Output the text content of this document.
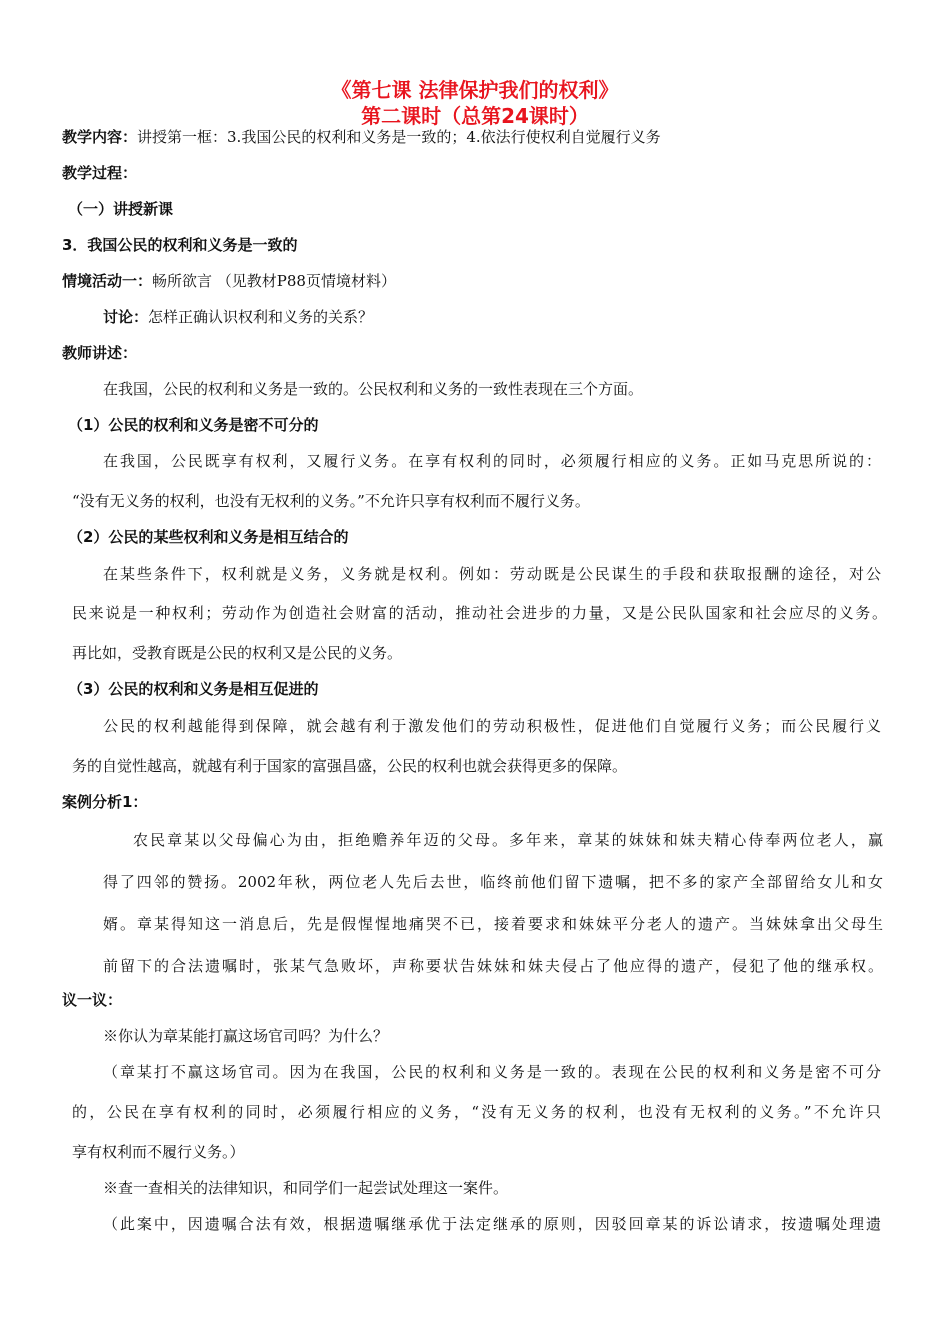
《第七课 法律保护我们的权利》
第二课时（总第24课时）
教学内容：讲授第一框：3.我国公民的权利和义务是一致的；4.依法行使权利自觉履行义务
教学过程：
（一）讲授新课
3．我国公民的权利和义务是一致的
情境活动一：畅所欲言 （见教材P88页情境材料）
讨论：怎样正确认识权利和义务的关系？
教师讲述：
在我国，公民的权利和义务是一致的。公民权利和义务的一致性表现在三个方面。
（1）公民的权利和义务是密不可分的
在我国，公民既享有权利，又履行义务。在享有权利的同时，必须履行相应的义务。正如马克思所说的：
“没有无义务的权利，也没有无权利的义务。”不允许只享有权利而不履行义务。
（2）公民的某些权利和义务是相互结合的
在某些条件下，权利就是义务，义务就是权利。例如：劳动既是公民谋生的手段和获取报酬的途径，对公
民来说是一种权利；劳动作为创造社会财富的活动，推动社会进步的力量，又是公民队国家和社会应尽的义务。
再比如，受教育既是公民的权利又是公民的义务。
（3）公民的权利和义务是相互促进的
公民的权利越能得到保障，就会越有利于激发他们的劳动积极性，促进他们自觉履行义务；而公民履行义
务的自觉性越高，就越有利于国家的富强昌盛，公民的权利也就会获得更多的保障。
案例分析1：
农民章某以父母偏心为由，拒绝赡养年迈的父母。多年来，章某的妹妹和妹夫精心侍奉两位老人，赢
得了四邻的赞扬。2002年秋，两位老人先后去世，临终前他们留下遗嘱，把不多的家产全部留给女儿和女
婿。章某得知这一消息后，先是假惺惺地痛哭不已，接着要求和妹妹平分老人的遗产。当妹妹拿出父母生
前留下的合法遗嘱时，张某气急败坏，声称要状告妹妹和妹夫侵占了他应得的遗产，侵犯了他的继承权。
议一议：
※你认为章某能打赢这场官司吗？为什么？
（章某打不赢这场官司。因为在我国，公民的权利和义务是一致的。表现在公民的权利和义务是密不可分
的，公民在享有权利的同时，必须履行相应的义务，“没有无义务的权利，也没有无权利的义务。”不允许只
享有权利而不履行义务。）
※查一查相关的法律知识，和同学们一起尝试处理这一案件。
（此案中，因遗嘱合法有效，根据遗嘱继承优于法定继承的原则，因驳回章某的诉讼请求，按遗嘱处理遗
